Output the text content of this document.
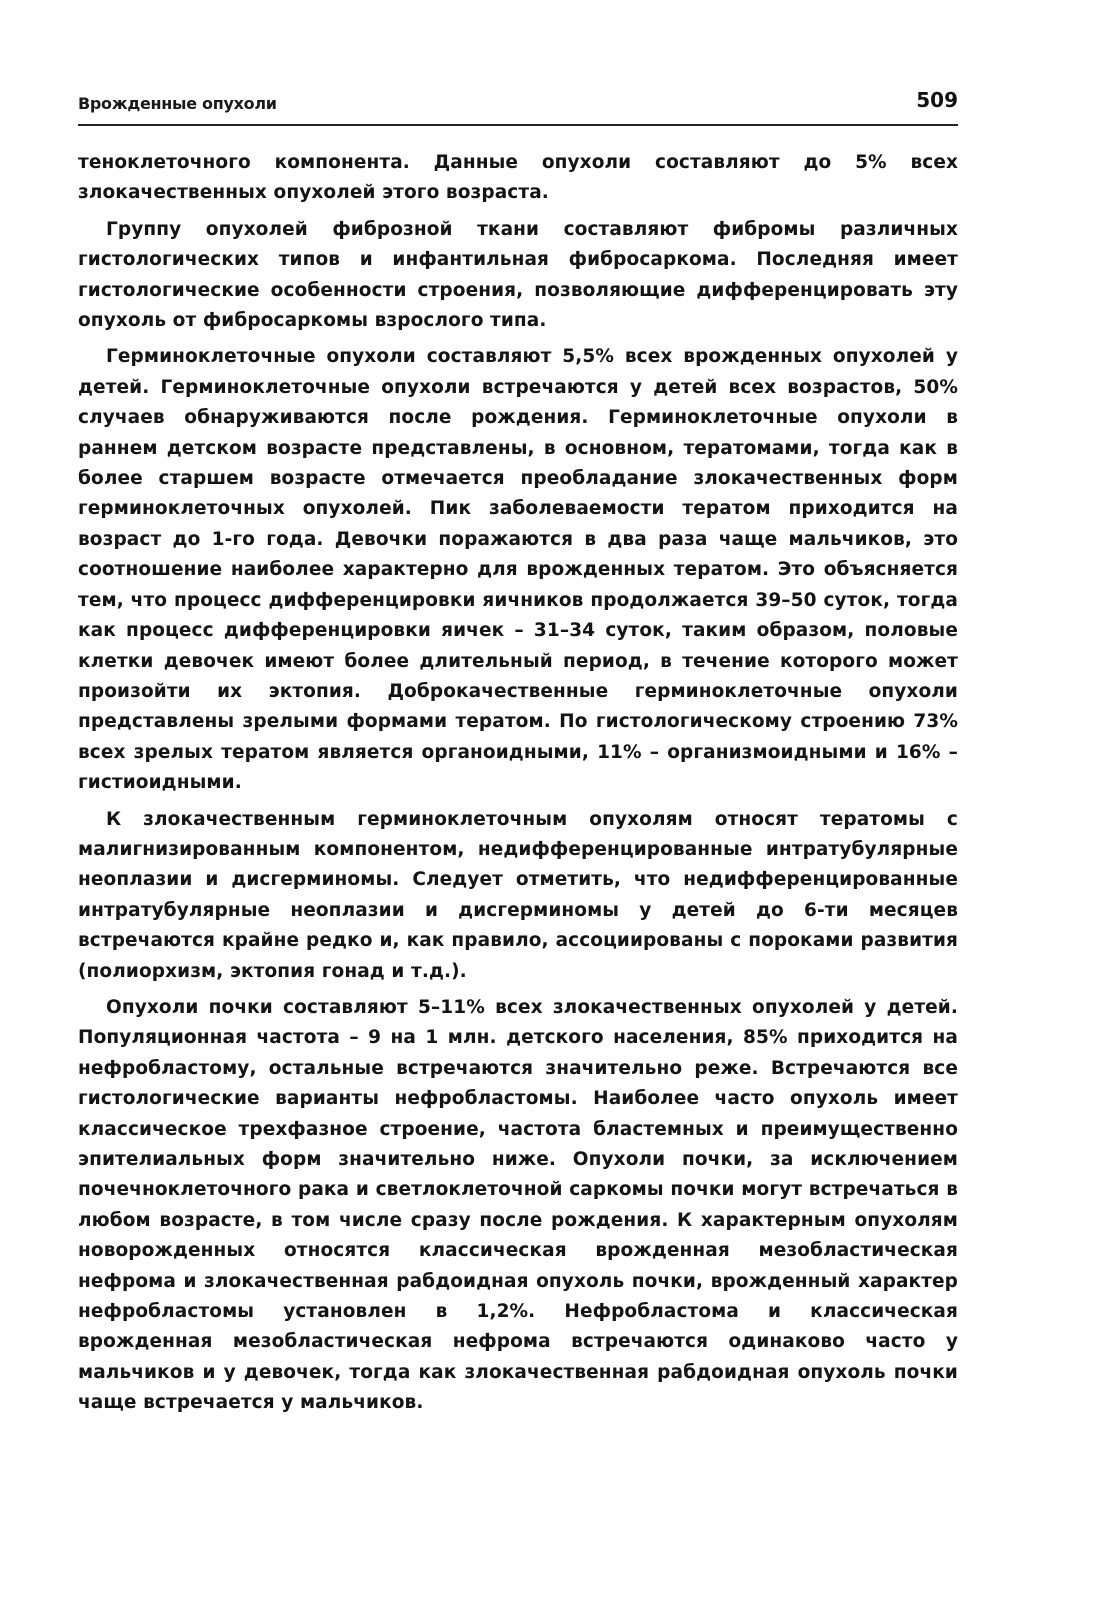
Врожденные опухоли	509

теноклеточного компонента. Данные опухоли составляют до 5% всех злокачественных опухолей этого возраста.

Группу опухолей фиброзной ткани составляют фибромы различных гистологических типов и инфантильная фибросаркома. Последняя имеет гистологические особенности строения, позволяющие дифференцировать эту опухоль от фибросаркомы взрослого типа.

Герминоклеточные опухоли составляют 5,5% всех врожденных опухолей у детей. Герминоклеточные опухоли встречаются у детей всех возрастов, 50% случаев обнаруживаются после рождения. Герминоклеточные опухоли в раннем детском возрасте представлены, в основном, тератомами, тогда как в более старшем возрасте отмечается преобладание злокачественных форм герминоклеточных опухолей. Пик заболеваемости тератом приходится на возраст до 1-го года. Девочки поражаются в два раза чаще мальчиков, это соотношение наиболее характерно для врожденных тератом. Это объясняется тем, что процесс дифференцировки яичников продолжается 39–50 суток, тогда как процесс дифференцировки яичек – 31–34 суток, таким образом, половые клетки девочек имеют более длительный период, в течение которого может произойти их эктопия. Доброкачественные герминоклеточные опухоли представлены зрелыми формами тератом. По гистологическому строению 73% всех зрелых тератом является органоидными, 11% – организмоидными и 16% – гистиоидными.

К злокачественным герминоклеточным опухолям относят тератомы с малигнизированным компонентом, недифференцированные интратубулярные неоплазии и дисгерминомы. Следует отметить, что недифференцированные интратубулярные неоплазии и дисгерминомы у детей до 6-ти месяцев встречаются крайне редко и, как правило, ассоциированы с пороками развития (полиорхизм, эктопия гонад и т.д.).

Опухоли почки составляют 5–11% всех злокачественных опухолей у детей. Популяционная частота – 9 на 1 млн. детского населения, 85% приходится на нефробластому, остальные встречаются значительно реже. Встречаются все гистологические варианты нефробластомы. Наиболее часто опухоль имеет классическое трехфазное строение, частота бластемных и преимущественно эпителиальных форм значительно ниже. Опухоли почки, за исключением почечноклеточного рака и светлоклеточной саркомы почки могут встречаться в любом возрасте, в том числе сразу после рождения. К характерным опухолям новорожденных относятся классическая врожденная мезобластическая нефрома и злокачественная рабдоидная опухоль почки, врожденный характер нефробластомы установлен в 1,2%. Нефробластома и классическая врожденная мезобластическая нефрома встречаются одинаково часто у мальчиков и у девочек, тогда как злокачественная рабдоидная опухоль почки чаще встречается у мальчиков.
